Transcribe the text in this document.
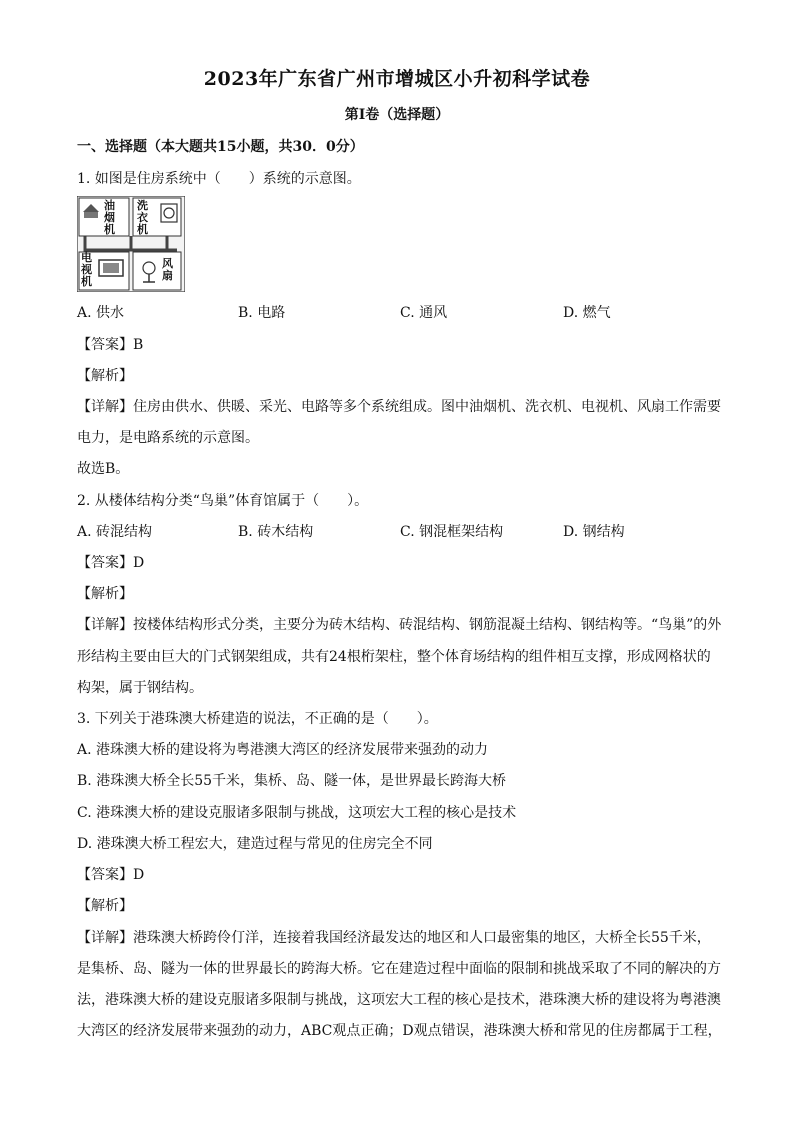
2023年广东省广州市增城区小升初科学试卷
第I卷（选择题）
一、选择题（本大题共15小题，共30．0分）
1. 如图是住房系统中（　　）系统的示意图。
油烟机
洗衣机
电视机
风扇
A. 供水	B. 电路	C. 通风	D. 燃气
【答案】B
【解析】
【详解】住房由供水、供暖、采光、电路等多个系统组成。图中油烟机、洗衣机、电视机、风扇工作需要
电力，是电路系统的示意图。
故选B。
2. 从楼体结构分类“鸟巢”体育馆属于（　　）。
A. 砖混结构	B. 砖木结构	C. 钢混框架结构	D. 钢结构
【答案】D
【解析】
【详解】按楼体结构形式分类，主要分为砖木结构、砖混结构、钢筋混凝土结构、钢结构等。“鸟巢”的外
形结构主要由巨大的门式钢架组成，共有24根桁架柱，整个体育场结构的组件相互支撑，形成网格状的
构架，属于钢结构。
3. 下列关于港珠澳大桥建造的说法，不正确的是（　　）。
A. 港珠澳大桥的建设将为粤港澳大湾区的经济发展带来强劲的动力
B. 港珠澳大桥全长55千米，集桥、岛、隧一体，是世界最长跨海大桥
C. 港珠澳大桥的建设克服诸多限制与挑战，这项宏大工程的核心是技术
D. 港珠澳大桥工程宏大，建造过程与常见的住房完全不同
【答案】D
【解析】
【详解】港珠澳大桥跨伶仃洋，连接着我国经济最发达的地区和人口最密集的地区，大桥全长55千米，
是集桥、岛、隧为一体的世界最长的跨海大桥。它在建造过程中面临的限制和挑战采取了不同的解决的方
法，港珠澳大桥的建设克服诸多限制与挑战，这项宏大工程的核心是技术，港珠澳大桥的建设将为粤港澳
大湾区的经济发展带来强劲的动力，ABC观点正确；D观点错误，港珠澳大桥和常见的住房都属于工程，
